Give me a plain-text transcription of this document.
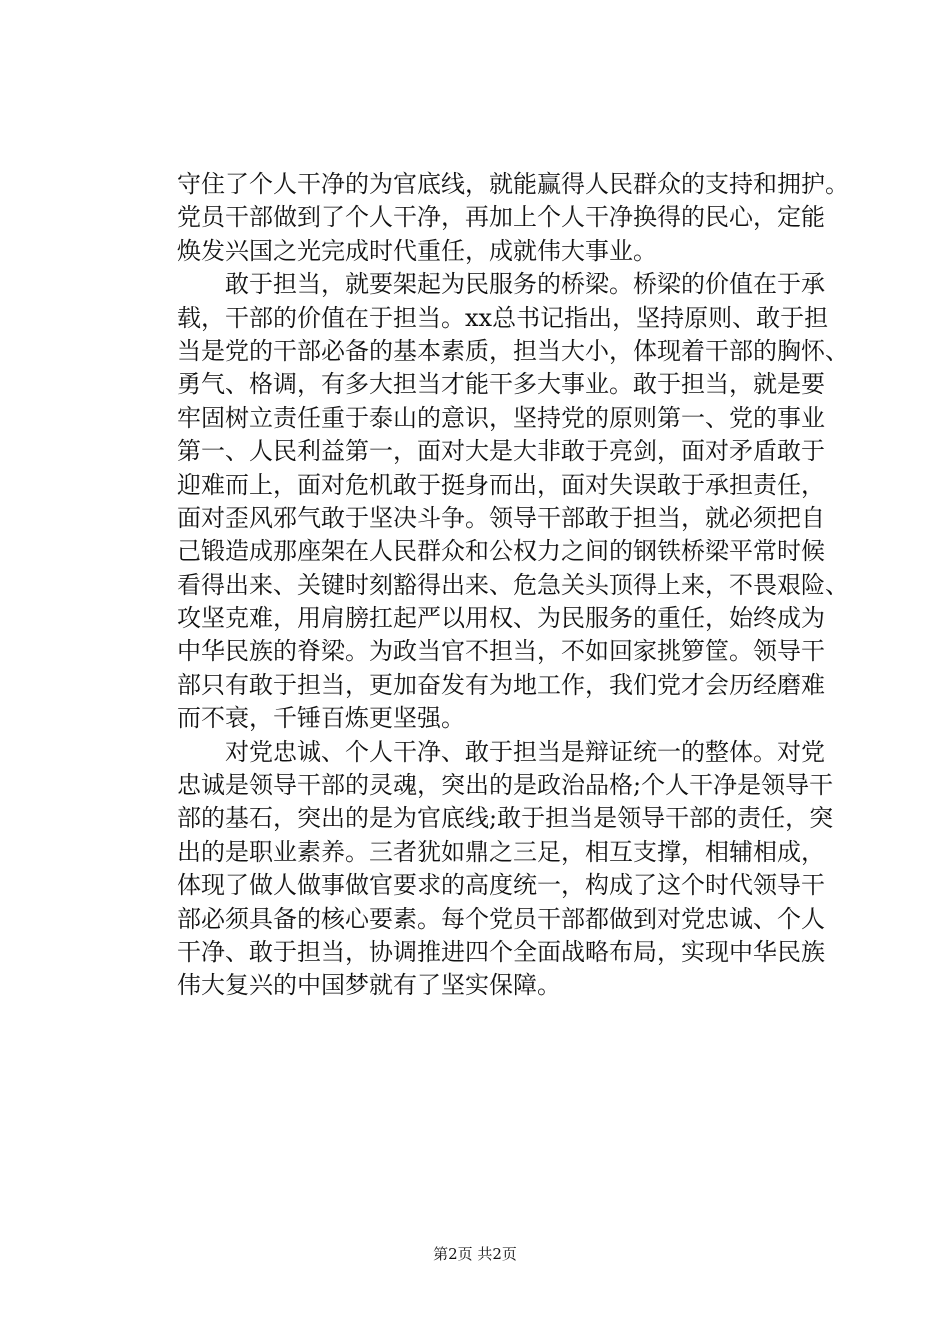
守住了个人干净的为官底线，就能赢得人民群众的支持和拥护。
党员干部做到了个人干净，再加上个人干净换得的民心，定能
焕发兴国之光完成时代重任，成就伟大事业。
　　敢于担当，就要架起为民服务的桥梁。桥梁的价值在于承
载，干部的价值在于担当。xx总书记指出，坚持原则、敢于担
当是党的干部必备的基本素质，担当大小，体现着干部的胸怀、
勇气、格调，有多大担当才能干多大事业。敢于担当，就是要
牢固树立责任重于泰山的意识，坚持党的原则第一、党的事业
第一、人民利益第一，面对大是大非敢于亮剑，面对矛盾敢于
迎难而上，面对危机敢于挺身而出，面对失误敢于承担责任，
面对歪风邪气敢于坚决斗争。领导干部敢于担当，就必须把自
己锻造成那座架在人民群众和公权力之间的钢铁桥梁平常时候
看得出来、关键时刻豁得出来、危急关头顶得上来，不畏艰险、
攻坚克难，用肩膀扛起严以用权、为民服务的重任，始终成为
中华民族的脊梁。为政当官不担当，不如回家挑箩筐。领导干
部只有敢于担当，更加奋发有为地工作，我们党才会历经磨难
而不衰，千锤百炼更坚强。
　　对党忠诚、个人干净、敢于担当是辩证统一的整体。对党
忠诚是领导干部的灵魂，突出的是政治品格;个人干净是领导干
部的基石，突出的是为官底线;敢于担当是领导干部的责任，突
出的是职业素养。三者犹如鼎之三足，相互支撑，相辅相成，
体现了做人做事做官要求的高度统一，构成了这个时代领导干
部必须具备的核心要素。每个党员干部都做到对党忠诚、个人
干净、敢于担当，协调推进四个全面战略布局，实现中华民族
伟大复兴的中国梦就有了坚实保障。
第2页 共2页
